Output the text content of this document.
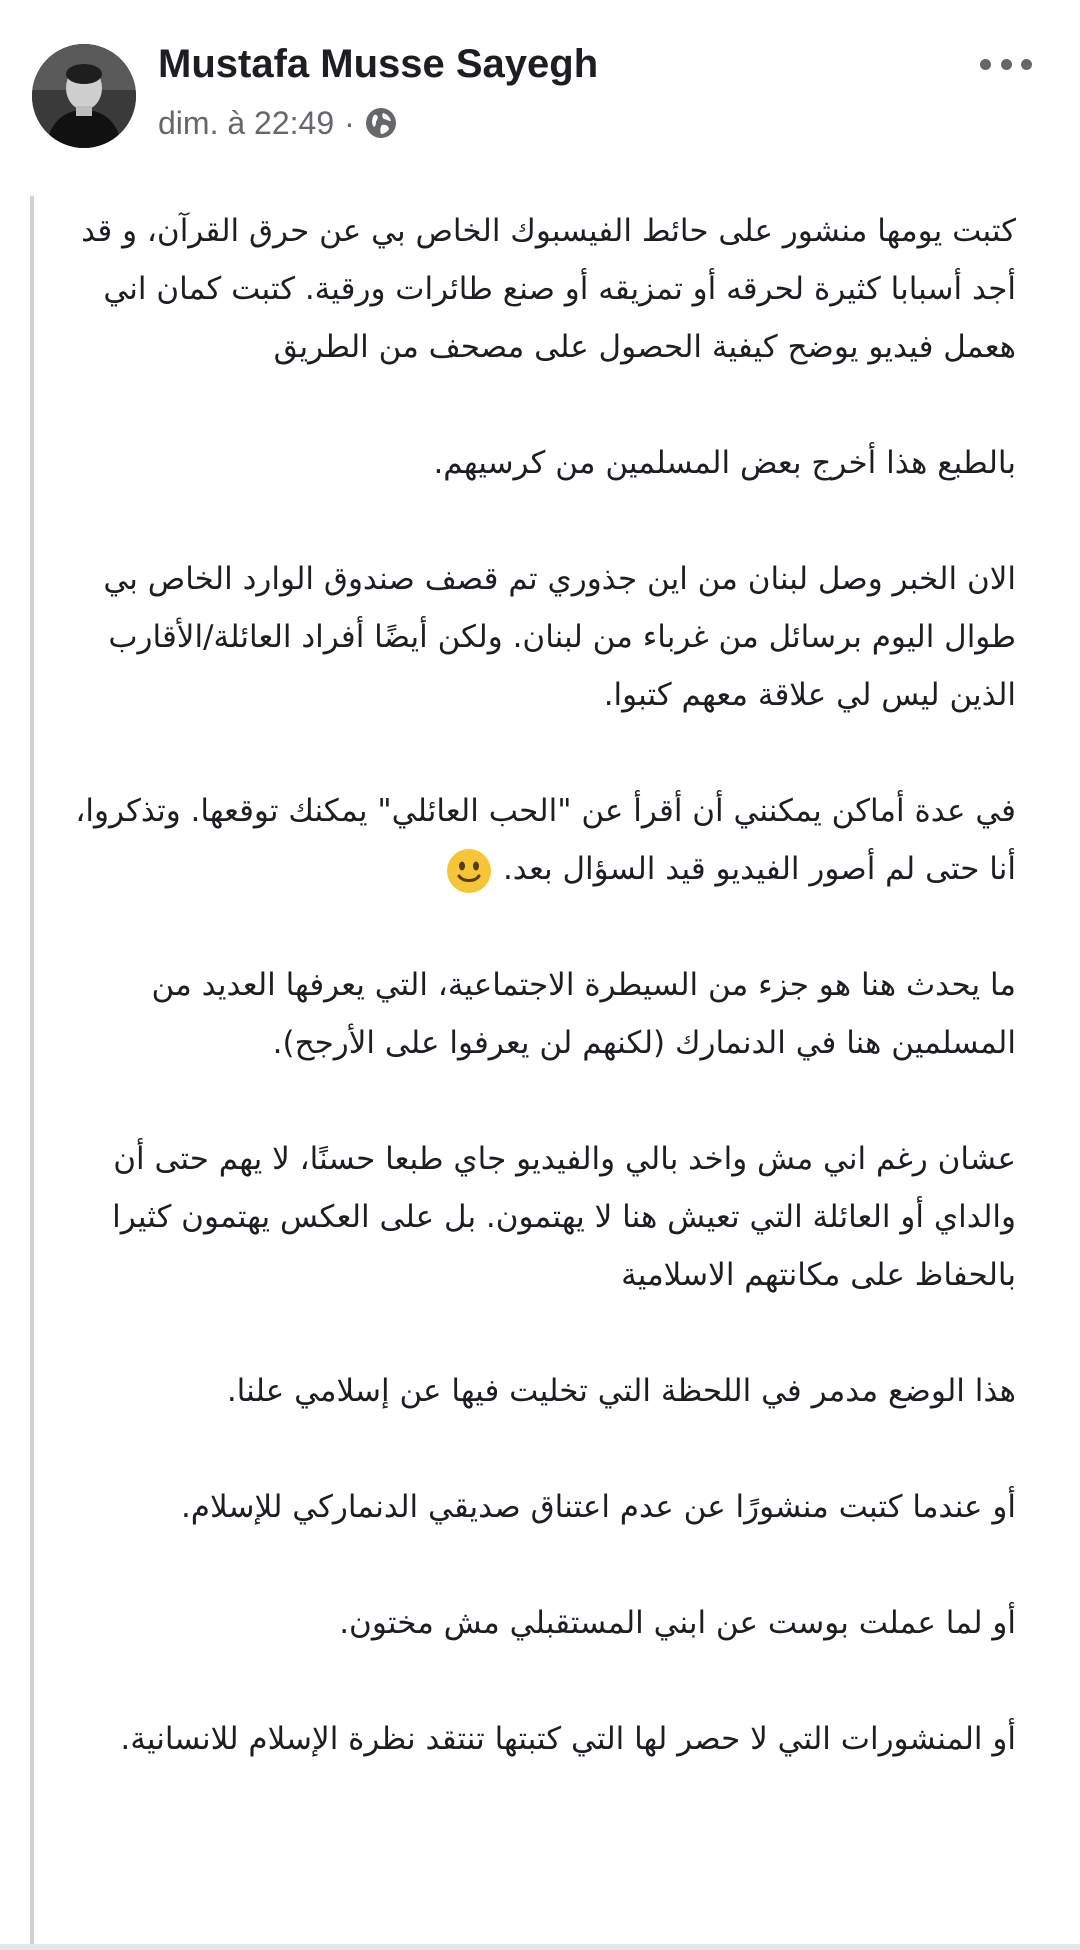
Mustafa Musse Sayegh
dim. à 22:49 ·

كتبت يومها منشور على حائط الفيسبوك الخاص بي عن حرق القرآن، و قد أجد أسبابا كثيرة لحرقه أو تمزيقه أو صنع طائرات ورقية. كتبت كمان اني هعمل فيديو يوضح كيفية الحصول على مصحف من الطريق

بالطبع هذا أخرج بعض المسلمين من كرسيهم.

الان الخبر وصل لبنان من اين جذوري تم قصف صندوق الوارد الخاص بي طوال اليوم برسائل من غرباء من لبنان. ولكن أيضًا أفراد العائلة/الأقارب الذين ليس لي علاقة معهم كتبوا.

في عدة أماكن يمكنني أن أقرأ عن "الحب العائلي" يمكنك توقعها. وتذكروا، أنا حتى لم أصور الفيديو قيد السؤال بعد.

ما يحدث هنا هو جزء من السيطرة الاجتماعية، التي يعرفها العديد من المسلمين هنا في الدنمارك (لكنهم لن يعرفوا على الأرجح).

عشان رغم اني مش واخد بالي والفيديو جاي طبعا حسنًا، لا يهم حتى أن والداي أو العائلة التي تعيش هنا لا يهتمون. بل على العكس يهتمون كثيرا بالحفاظ على مكانتهم الاسلامية

هذا الوضع مدمر في اللحظة التي تخليت فيها عن إسلامي علنا.

أو عندما كتبت منشورًا عن عدم اعتناق صديقي الدنماركي للإسلام.

أو لما عملت بوست عن ابني المستقبلي مش مختون.

أو المنشورات التي لا حصر لها التي كتبتها تنتقد نظرة الإسلام للانسانية.
